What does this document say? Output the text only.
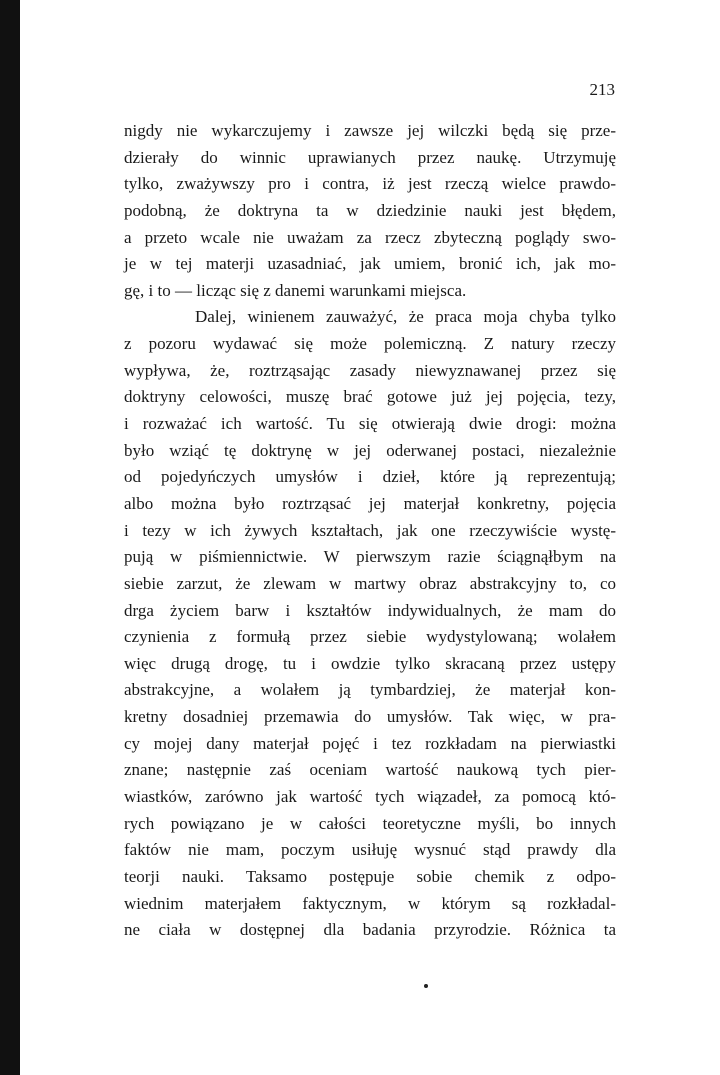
213

nigdy nie wykarczujemy i zawsze jej wilczki będą się prze-
dzierały do winnic uprawianych przez naukę. Utrzymuję
tylko, zważywszy pro i contra, iż jest rzeczą wielce prawdo-
podobną, że doktryna ta w dziedzinie nauki jest błędem,
a przeto wcale nie uważam za rzecz zbyteczną poglądy swo-
je w tej materji uzasadniać, jak umiem, bronić ich, jak mo-
gę, i to — licząc się z danemi warunkami miejsca.
Dalej, winienem zauważyć, że praca moja chyba tylko
z pozoru wydawać się może polemiczną. Z natury rzeczy
wypływa, że, roztrząsając zasady niewyznawanej przez się
doktryny celowości, muszę brać gotowe już jej pojęcia, tezy,
i rozważać ich wartość. Tu się otwierają dwie drogi: można
było wziąć tę doktrynę w jej oderwanej postaci, niezależnie
od pojedyńczych umysłów i dzieł, które ją reprezentują;
albo można było roztrząsać jej materjał konkretny, pojęcia
i tezy w ich żywych kształtach, jak one rzeczywiście wystę-
pują w piśmiennictwie. W pierwszym razie ściągnąłbym na
siebie zarzut, że zlewam w martwy obraz abstrakcyjny to, co
drga życiem barw i kształtów indywidualnych, że mam do
czynienia z formułą przez siebie wydystylowaną; wolałem
więc drugą drogę, tu i owdzie tylko skracaną przez ustępy
abstrakcyjne, a wolałem ją tymbardziej, że materjał kon-
kretny dosadniej przemawia do umysłów. Tak więc, w pra-
cy mojej dany materjał pojęć i tez rozkładam na pierwiastki
znane; następnie zaś oceniam wartość naukową tych pier-
wiastków, zarówno jak wartość tych wiązadeł, za pomocą któ-
rych powiązano je w całości teoretyczne myśli, bo innych
faktów nie mam, poczym usiłuję wysnuć stąd prawdy dla
teorji nauki. Taksamo postępuje sobie chemik z odpo-
wiednim materjałem faktycznym, w którym są rozkładal-
ne ciała w dostępnej dla badania przyrodzie. Różnica ta
